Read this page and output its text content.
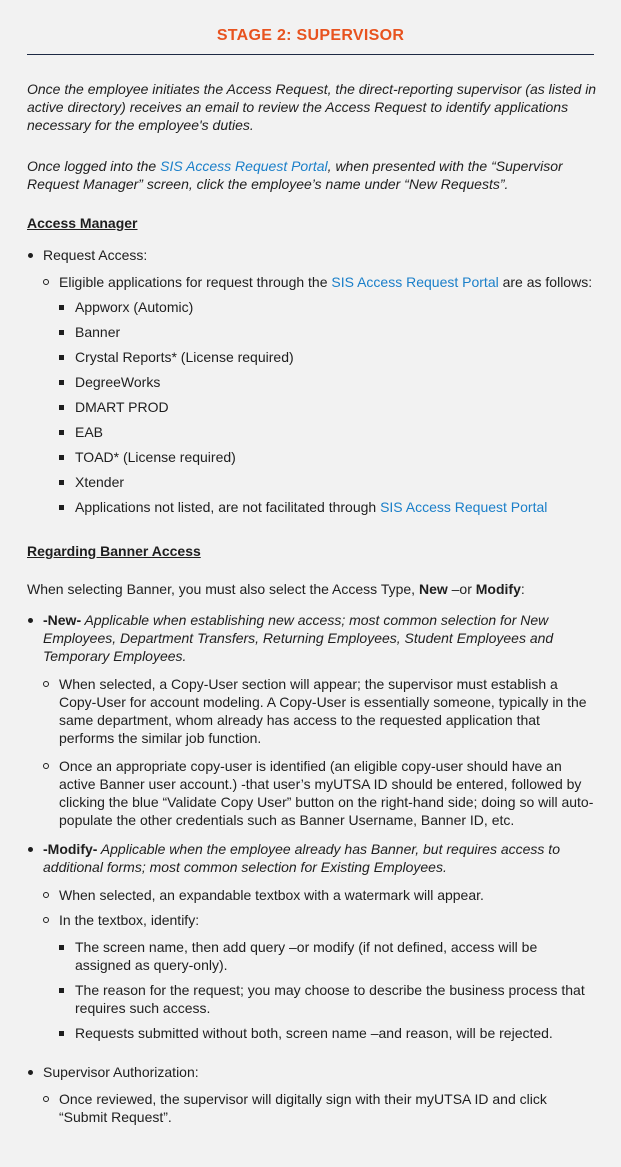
STAGE 2: SUPERVISOR
Once the employee initiates the Access Request, the direct-reporting supervisor (as listed in active directory) receives an email to review the Access Request to identify applications necessary for the employee's duties.
Once logged into the SIS Access Request Portal, when presented with the “Supervisor Request Manager” screen, click the employee’s name under “New Requests”.
Access Manager
Request Access:
Eligible applications for request through the SIS Access Request Portal are as follows:
Appworx (Automic)
Banner
Crystal Reports* (License required)
DegreeWorks
DMART PROD
EAB
TOAD* (License required)
Xtender
Applications not listed, are not facilitated through SIS Access Request Portal
Regarding Banner Access
When selecting Banner, you must also select the Access Type, New –or Modify:
-New- Applicable when establishing new access; most common selection for New Employees, Department Transfers, Returning Employees, Student Employees and Temporary Employees.
When selected, a Copy-User section will appear; the supervisor must establish a Copy-User for account modeling. A Copy-User is essentially someone, typically in the same department, whom already has access to the requested application that performs the similar job function.
Once an appropriate copy-user is identified (an eligible copy-user should have an active Banner user account.) -that user’s myUTSA ID should be entered, followed by clicking the blue “Validate Copy User” button on the right-hand side; doing so will auto-populate the other credentials such as Banner Username, Banner ID, etc.
-Modify- Applicable when the employee already has Banner, but requires access to additional forms; most common selection for Existing Employees.
When selected, an expandable textbox with a watermark will appear.
In the textbox, identify:
The screen name, then add query –or modify (if not defined, access will be assigned as query-only).
The reason for the request; you may choose to describe the business process that requires such access.
Requests submitted without both, screen name –and reason, will be rejected.
Supervisor Authorization:
Once reviewed, the supervisor will digitally sign with their myUTSA ID and click “Submit Request”.
